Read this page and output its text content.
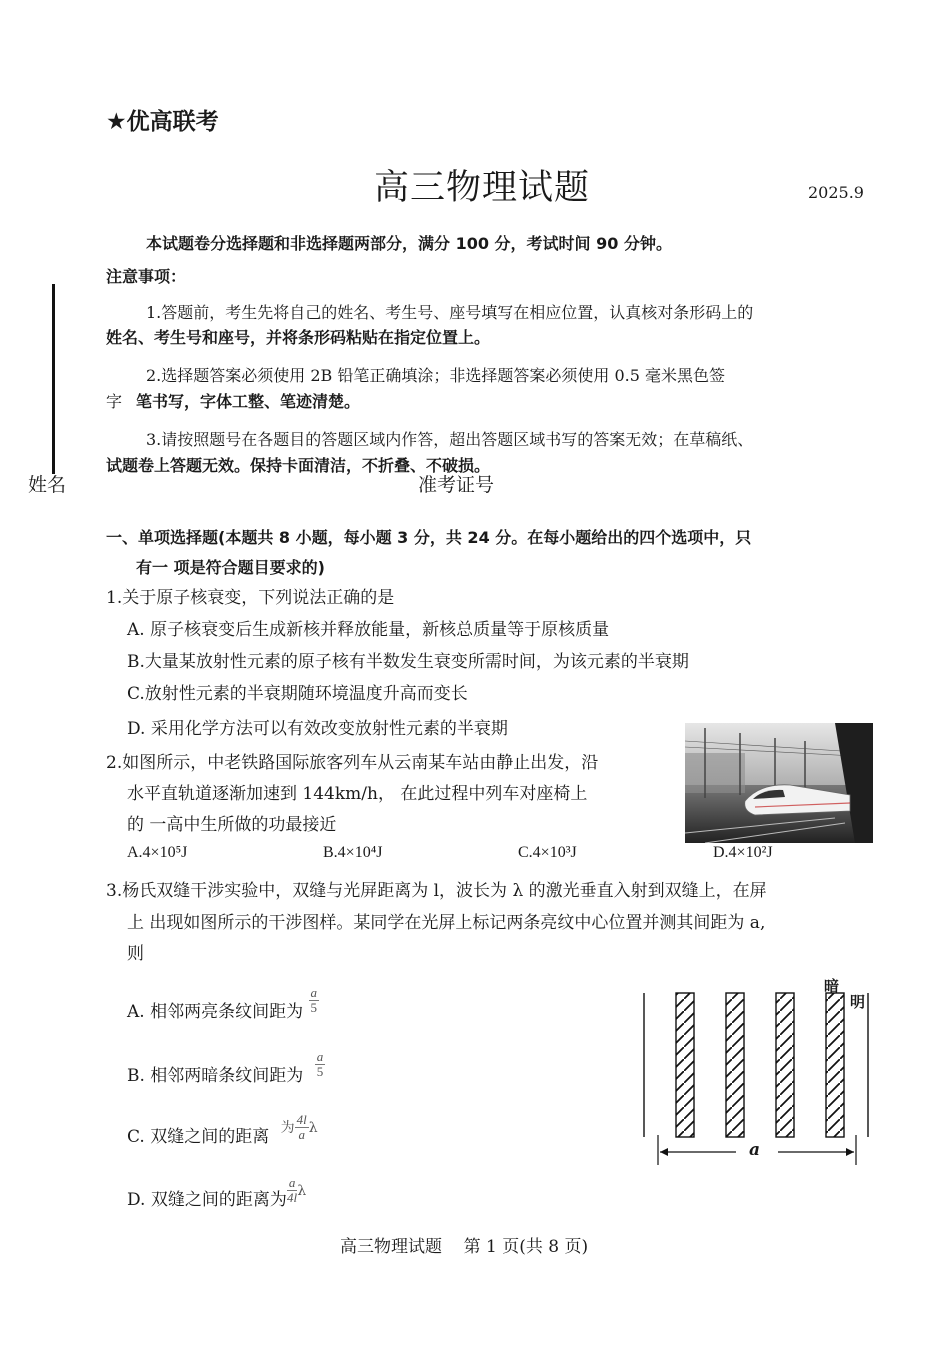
★优高联考
高三物理试题	2025.9
本试题卷分选择题和非选择题两部分，满分 100 分，考试时间 90 分钟。
注意事项：
1.答题前，考生先将自己的姓名、考生号、座号填写在相应位置，认真核对条形码上的
姓名、考生号和座号，并将条形码粘贴在指定位置上。
2.选择题答案必须使用 2B 铅笔正确填涂；非选择题答案必须使用 0.5 毫米黑色签
字 笔书写，字体工整、笔迹清楚。
3.请按照题号在各题目的答题区域内作答，超出答题区域书写的答案无效；在草稿纸、
试题卷上答题无效。保持卡面清洁，不折叠、不破损。
姓名	准考证号
一、单项选择题(本题共 8 小题，每小题 3 分，共 24 分。在每小题给出的四个选项中，只
有一 项是符合题目要求的)
1.关于原子核衰变，下列说法正确的是
A. 原子核衰变后生成新核并释放能量，新核总质量等于原核质量
B.大量某放射性元素的原子核有半数发生衰变所需时间，为该元素的半衰期
C.放射性元素的半衰期随环境温度升高而变长
D. 采用化学方法可以有效改变放射性元素的半衰期
2.如图所示，中老铁路国际旅客列车从云南某车站由静止出发，沿
水平直轨道逐渐加速到 144km/h， 在此过程中列车对座椅上
的 一高中生所做的功最接近
A.4×10⁵J	B.4×10⁴J	C.4×10³J	D.4×10²J
3.杨氏双缝干涉实验中，双缝与光屏距离为 l，波长为 λ 的激光垂直入射到双缝上，在屏
上 出现如图所示的干涉图样。某同学在光屏上标记两条亮纹中心位置并测其间距为 a,
则
A. 相邻两亮条纹间距为 $\frac{a}{5}$
B. 相邻两暗条纹间距为 $\frac{a}{5}$
C. 双缝之间的距离 $^为 \frac{4l}{a} ^\lambda$
D. 双缝之间的距离为 $\frac{a}{4l} ^\lambda$
暗
明
a
高三物理试题    第 1 页(共 8 页)
